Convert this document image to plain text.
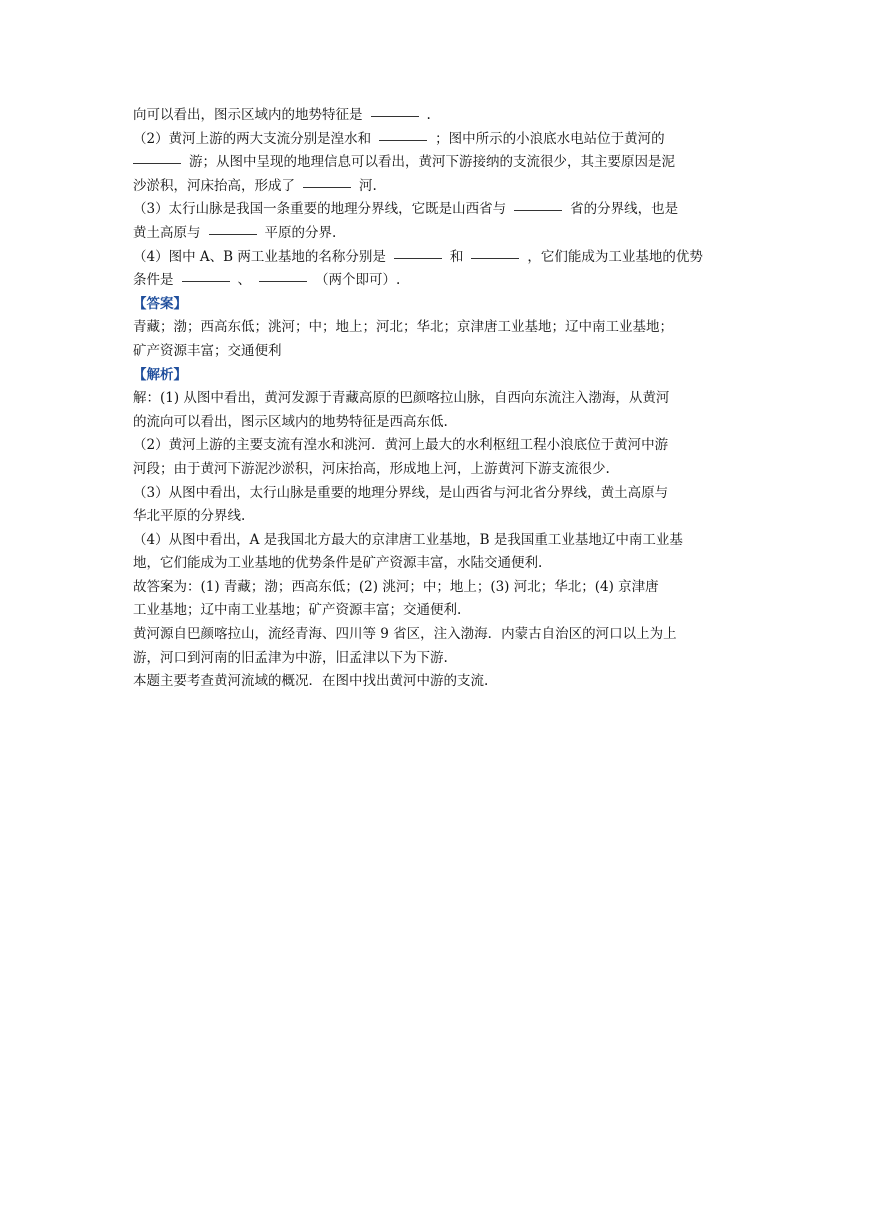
向可以看出，图示区域内的地势特征是	.
（2）黄河上游的两大支流分别是湟水和	；图中所示的小浪底水电站位于黄河的
游；从图中呈现的地理信息可以看出，黄河下游接纳的支流很少，其主要原因是泥
沙淤积，河床抬高，形成了	河.
（3）太行山脉是我国一条重要的地理分界线，它既是山西省与	省的分界线，也是
黄土高原与	平原的分界.
（4）图中 A、B 两工业基地的名称分别是	和	，它们能成为工业基地的优势
条件是	、	（两个即可）.
【答案】
青藏；渤；西高东低；洮河；中；地上；河北；华北；京津唐工业基地；辽中南工业基地；
矿产资源丰富；交通便利
【解析】
解：(1) 从图中看出，黄河发源于青藏高原的巴颜喀拉山脉，自西向东流注入渤海，从黄河
的流向可以看出，图示区域内的地势特征是西高东低.
（2）黄河上游的主要支流有湟水和洮河．黄河上最大的水利枢纽工程小浪底位于黄河中游
河段；由于黄河下游泥沙淤积，河床抬高，形成地上河，上游黄河下游支流很少.
（3）从图中看出，太行山脉是重要的地理分界线，是山西省与河北省分界线，黄土高原与
华北平原的分界线.
（4）从图中看出，A 是我国北方最大的京津唐工业基地，B 是我国重工业基地辽中南工业基
地，它们能成为工业基地的优势条件是矿产资源丰富，水陆交通便利.
故答案为：(1) 青藏；渤；西高东低；(2) 洮河；中；地上；(3) 河北；华北；(4) 京津唐
工业基地；辽中南工业基地；矿产资源丰富；交通便利.
黄河源自巴颜喀拉山，流经青海、四川等 9 省区，注入渤海．内蒙古自治区的河口以上为上
游，河口到河南的旧孟津为中游，旧孟津以下为下游.
本题主要考查黄河流域的概况．在图中找出黄河中游的支流.
